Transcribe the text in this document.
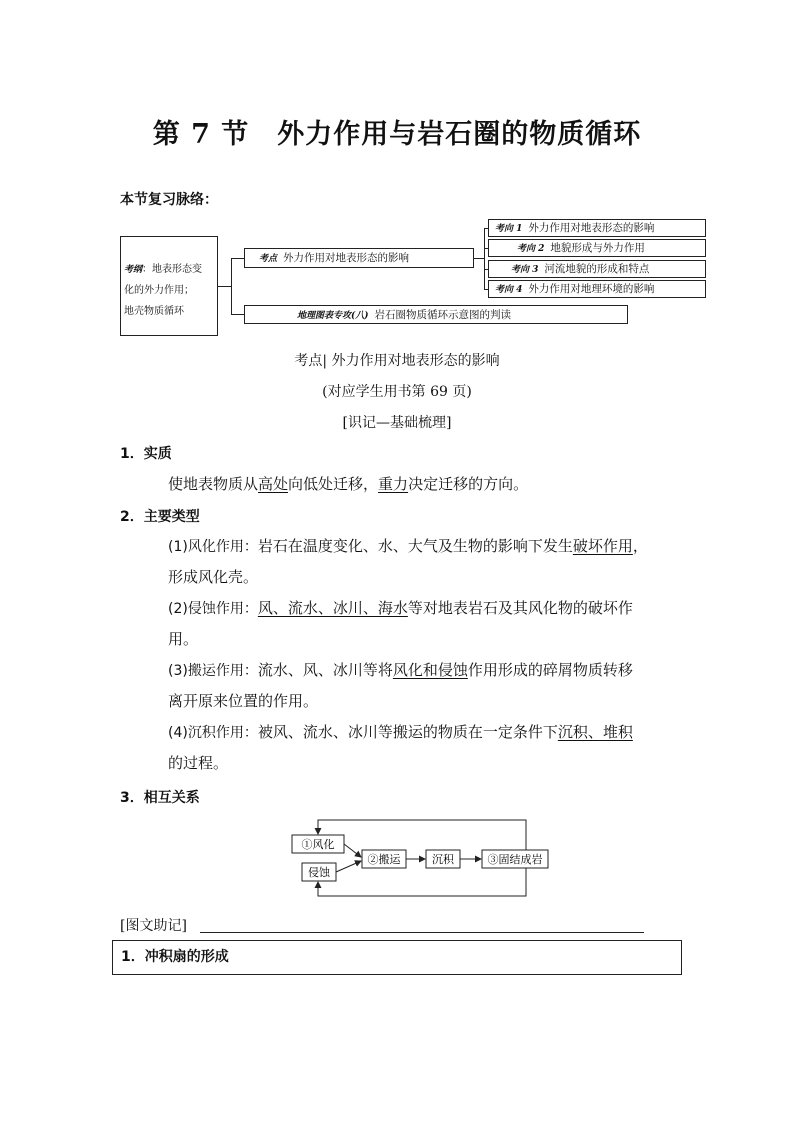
第 7 节　外力作用与岩石圈的物质循环
本节复习脉络：
考纲：地表形态变
化的外力作用；
地壳物质循环
考点 外力作用对地表形态的影响
地理图表专攻(八) 岩石圈物质循环示意图的判读
考向 1 外力作用对地表形态的影响
考向 2 地貌形成与外力作用
考向 3 河流地貌的形成和特点
考向 4 外力作用对地理环境的影响
考点| 外力作用对地表形态的影响
(对应学生用书第 69 页)
[识记—基础梳理]
1．实质
使地表物质从高处向低处迁移，重力决定迁移的方向。
2．主要类型
(1)风化作用：岩石在温度变化、水、大气及生物的影响下发生破坏作用，
形成风化壳。
(2)侵蚀作用：风、流水、冰川、海水等对地表岩石及其风化物的破坏作
用。
(3)搬运作用：流水、风、冰川等将风化和侵蚀作用形成的碎屑物质转移
离开原来位置的作用。
(4)沉积作用：被风、流水、冰川等搬运的物质在一定条件下沉积、堆积
的过程。
3．相互关系
①风化
侵蚀
②搬运	沉积	③固结成岩
[图文助记]
1．冲积扇的形成
